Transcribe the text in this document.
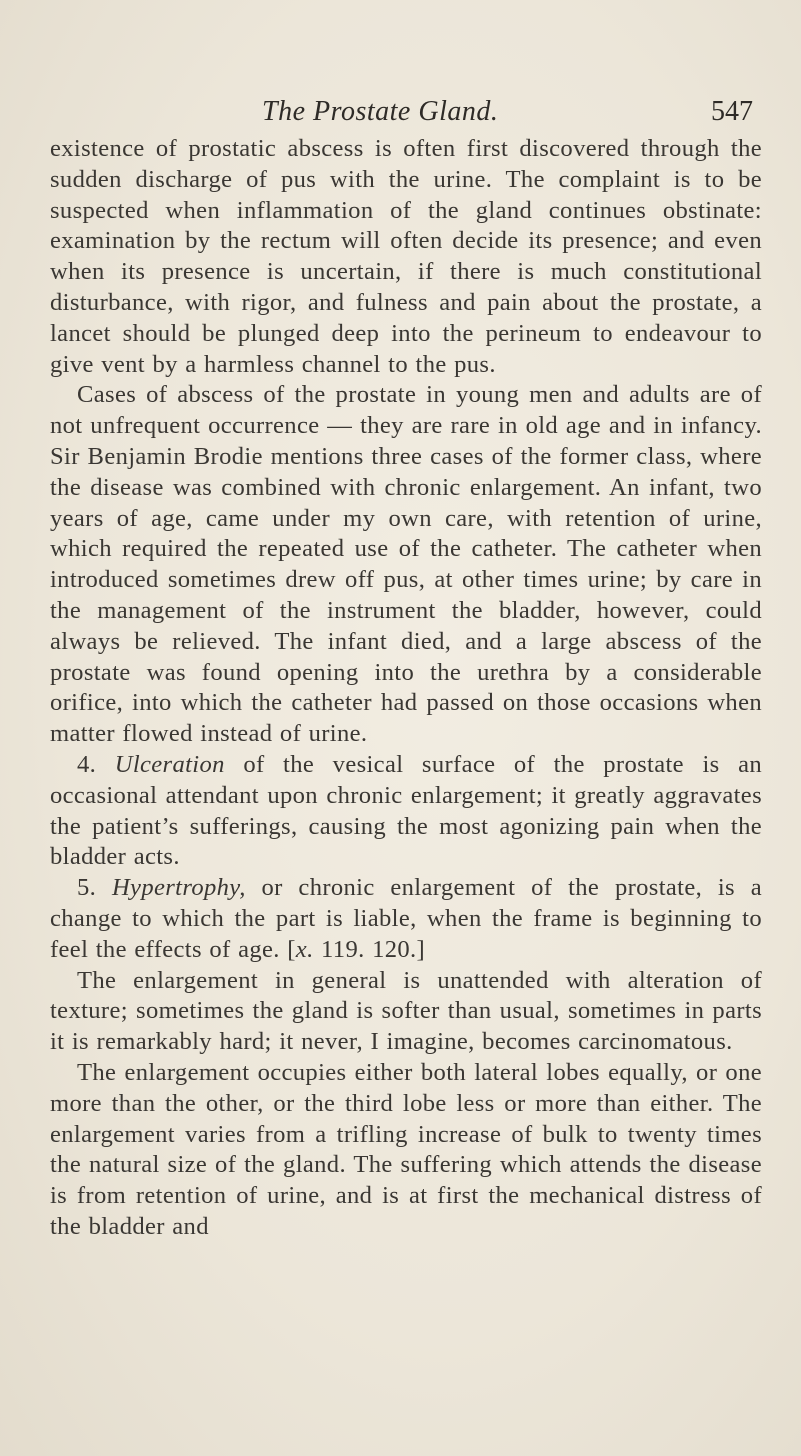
The Prostate Gland.	547

existence of prostatic abscess is often first discovered through the sudden discharge of pus with the urine. The complaint is to be suspected when inflammation of the gland continues obstinate: examination by the rectum will often decide its presence; and even when its presence is uncertain, if there is much constitutional disturbance, with rigor, and fulness and pain about the prostate, a lancet should be plunged deep into the perineum to endeavour to give vent by a harmless channel to the pus.

Cases of abscess of the prostate in young men and adults are of not unfrequent occurrence — they are rare in old age and in infancy. Sir Benjamin Brodie mentions three cases of the former class, where the disease was combined with chronic enlargement. An infant, two years of age, came under my own care, with retention of urine, which required the repeated use of the catheter. The catheter when introduced sometimes drew off pus, at other times urine; by care in the management of the instrument the bladder, however, could always be relieved. The infant died, and a large abscess of the prostate was found opening into the urethra by a considerable orifice, into which the catheter had passed on those occasions when matter flowed instead of urine.

4. Ulceration of the vesical surface of the prostate is an occasional attendant upon chronic enlargement; it greatly aggravates the patient’s sufferings, causing the most agonizing pain when the bladder acts.

5. Hypertrophy, or chronic enlargement of the prostate, is a change to which the part is liable, when the frame is beginning to feel the effects of age. [x. 119. 120.]

The enlargement in general is unattended with alteration of texture; sometimes the gland is softer than usual, sometimes in parts it is remarkably hard; it never, I imagine, becomes carcinomatous.

The enlargement occupies either both lateral lobes equally, or one more than the other, or the third lobe less or more than either. The enlargement varies from a trifling increase of bulk to twenty times the natural size of the gland. The suffering which attends the disease is from retention of urine, and is at first the mechanical distress of the bladder and
